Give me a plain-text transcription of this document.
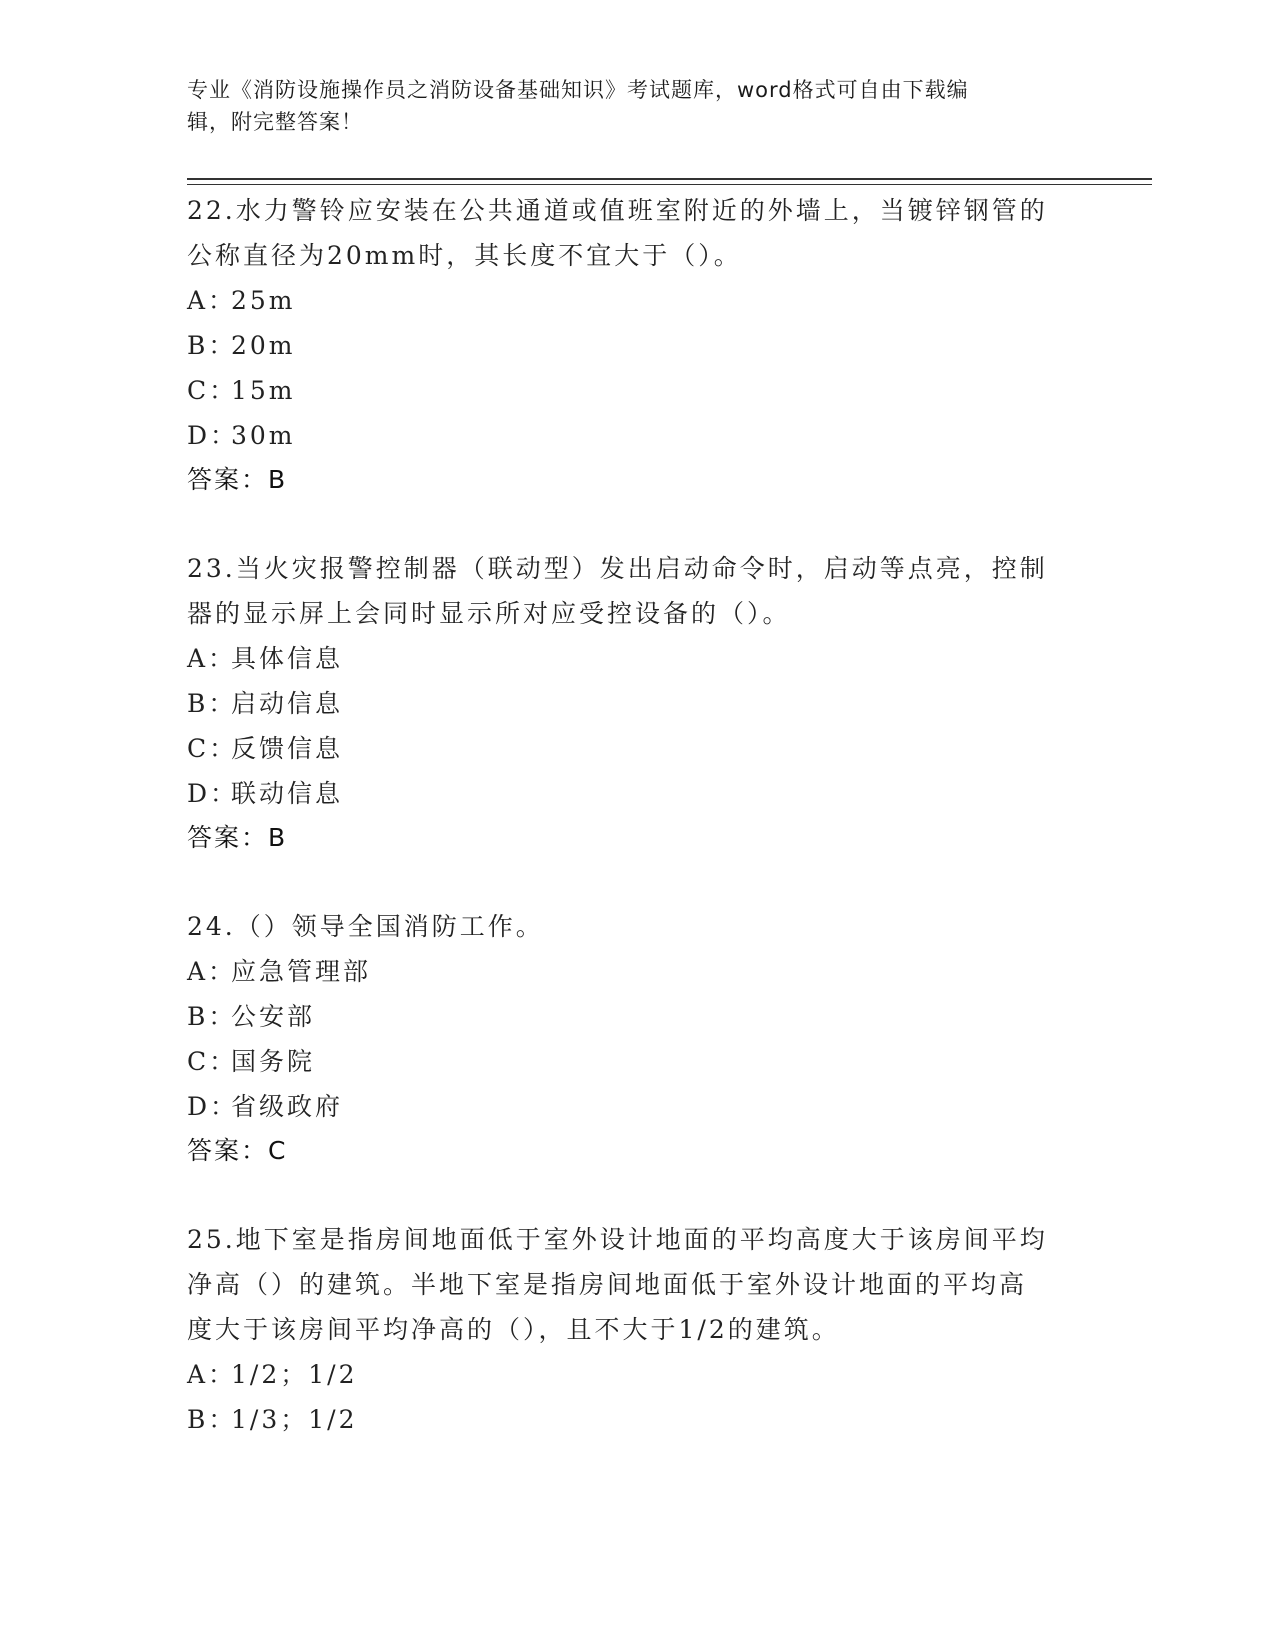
专业《消防设施操作员之消防设备基础知识》考试题库，word格式可自由下载编
辑，附完整答案！
22.水力警铃应安装在公共通道或值班室附近的外墙上，当镀锌钢管的
公称直径为20mm时，其长度不宜大于（）。
A：
25m
B：
20m
C：
15m
D：
30m
答案：B
23.当火灾报警控制器（联动型）发出启动命令时，启动等点亮，控制
器的显示屏上会同时显示所对应受控设备的（）。
A：
具体信息
B：
启动信息
C：
反馈信息
D：
联动信息
答案：B
24.（）领导全国消防工作。
A：
应急管理部
B：
公安部
C：
国务院
D：
省级政府
答案：C
25.地下室是指房间地面低于室外设计地面的平均高度大于该房间平均
净高（）的建筑。半地下室是指房间地面低于室外设计地面的平均高
度大于该房间平均净高的（），且不大于1/2的建筑。
A：
1/2；1/2
B：
1/3；1/2
